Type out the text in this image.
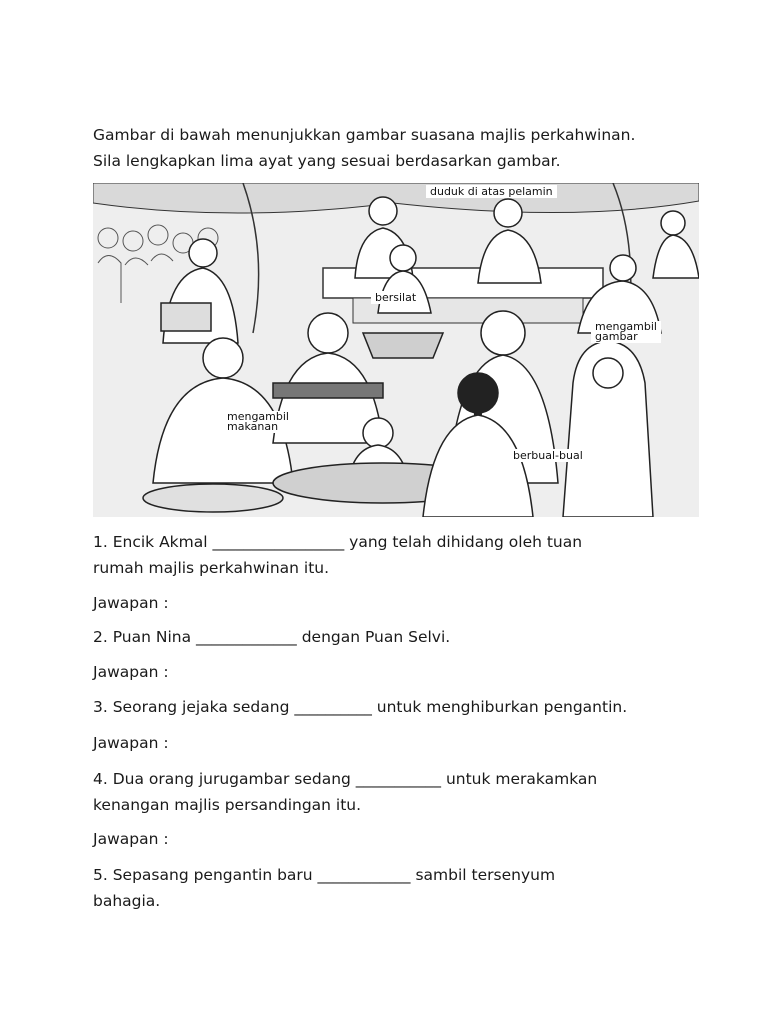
Gambar di bawah menunjukkan gambar suasana majlis perkahwinan.
Sila lengkapkan lima ayat yang sesuai berdasarkan gambar.
duduk di atas pelamin
bersilat
mengambil
gambar
mengambil
makanan
berbual-bual
1. Encik Akmal _________________ yang telah dihidang oleh tuan
rumah majlis perkahwinan itu.
Jawapan :
2. Puan Nina _____________ dengan Puan Selvi.
Jawapan :
3. Seorang jejaka sedang __________ untuk menghiburkan pengantin.
Jawapan :
4. Dua orang jurugambar sedang ___________ untuk merakamkan
kenangan majlis persandingan itu.
Jawapan :
5. Sepasang pengantin baru ____________ sambil tersenyum
bahagia.
